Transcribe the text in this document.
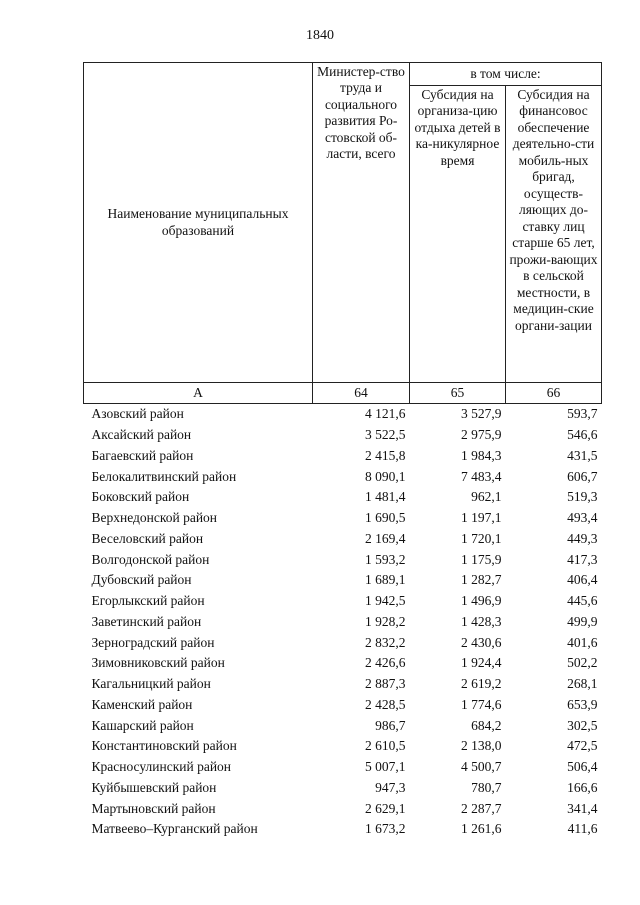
1840
Наименование муниципальных образований	Министер-ство труда и социального развития Ро-стовской об-ласти, всего	в том числе:	
		Субсидия на организа-цию отдыха детей в ка-никулярное время	Субсидия на финансовос обеспечение деятельно-сти мобиль-ных бригад, осуществ-ляющих до-ставку лиц старше 65 лет, прожи-вающих в сельской местности, в медицин-ские органи-зации
А	64	65	66
Азовский район	4 121,6	3 527,9	593,7
Аксайский район	3 522,5	2 975,9	546,6
Багаевский район	2 415,8	1 984,3	431,5
Белокалитвинский район	8 090,1	7 483,4	606,7
Боковский район	1 481,4	962,1	519,3
Верхнедонской район	1 690,5	1 197,1	493,4
Веселовский район	2 169,4	1 720,1	449,3
Волгодонской район	1 593,2	1 175,9	417,3
Дубовский район	1 689,1	1 282,7	406,4
Егорлыкский район	1 942,5	1 496,9	445,6
Заветинский район	1 928,2	1 428,3	499,9
Зерноградский район	2 832,2	2 430,6	401,6
Зимовниковский район	2 426,6	1 924,4	502,2
Кагальницкий район	2 887,3	2 619,2	268,1
Каменский район	2 428,5	1 774,6	653,9
Кашарский район	986,7	684,2	302,5
Константиновский район	2 610,5	2 138,0	472,5
Красносулинский район	5 007,1	4 500,7	506,4
Куйбышевский район	947,3	780,7	166,6
Мартыновский район	2 629,1	2 287,7	341,4
Матвеево–Курганский район	1 673,2	1 261,6	411,6
